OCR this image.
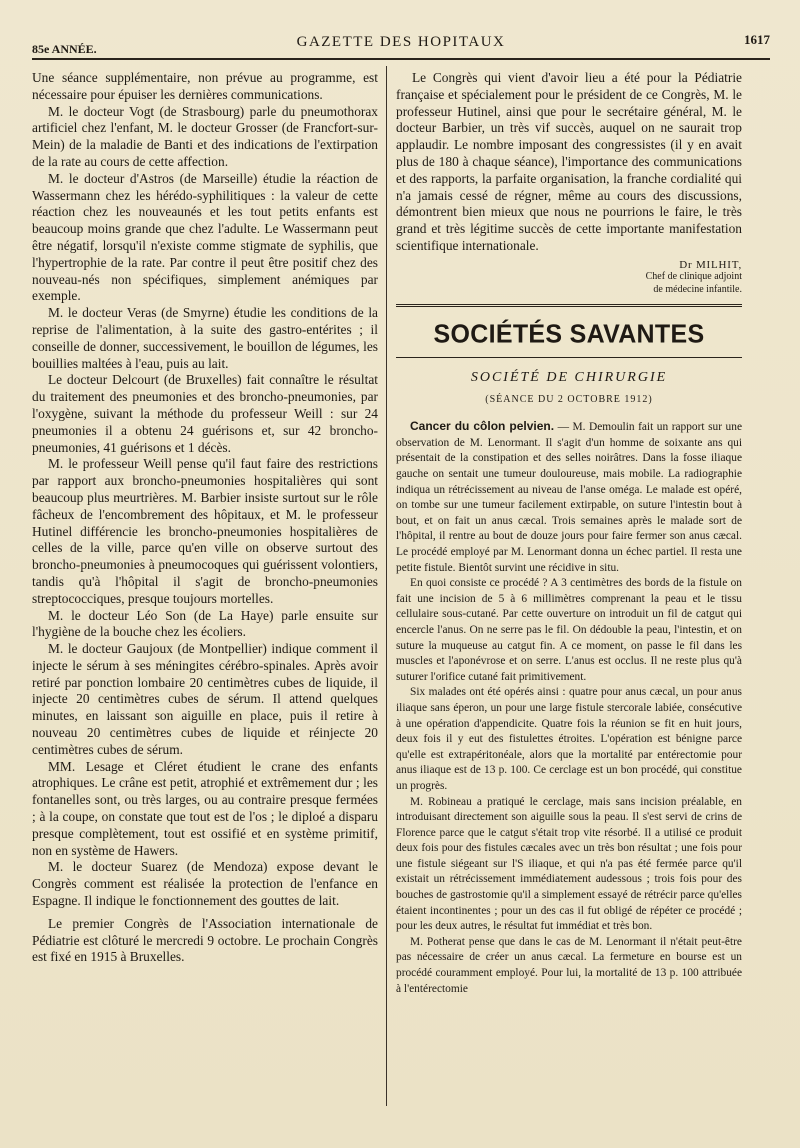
85e ANNÉE.	GAZETTE DES HOPITAUX	1617

Une séance supplémentaire, non prévue au programme, est nécessaire pour épuiser les dernières communications.

M. le docteur Vogt (de Strasbourg) parle du pneumothorax artificiel chez l'enfant, M. le docteur Grosser (de Francfort-sur-Mein) de la maladie de Banti et des indications de l'extirpation de la rate au cours de cette affection.

M. le docteur d'Astros (de Marseille) étudie la réaction de Wassermann chez les hérédo-syphilitiques : la valeur de cette réaction chez les nouveaunés et les tout petits enfants est beaucoup moins grande que chez l'adulte. Le Wassermann peut être négatif, lorsqu'il n'existe comme stigmate de syphilis, que l'hypertrophie de la rate. Par contre il peut être positif chez des nouveau-nés non spécifiques, simplement anémiques par exemple.

M. le docteur Veras (de Smyrne) étudie les conditions de la reprise de l'alimentation, à la suite des gastro-entérites ; il conseille de donner, successivement, le bouillon de légumes, les bouillies maltées à l'eau, puis au lait.

Le docteur Delcourt (de Bruxelles) fait connaître le résultat du traitement des pneumonies et des broncho-pneumonies, par l'oxygène, suivant la méthode du professeur Weill : sur 24 pneumonies il a obtenu 24 guérisons et, sur 42 broncho-pneumonies, 41 guérisons et 1 décès.

M. le professeur Weill pense qu'il faut faire des restrictions par rapport aux broncho-pneumonies hospitalières qui sont beaucoup plus meurtrières. M. Barbier insiste surtout sur le rôle fâcheux de l'encombrement des hôpitaux, et M. le professeur Hutinel différencie les broncho-pneumonies hospitalières de celles de la ville, parce qu'en ville on observe surtout des broncho-pneumonies à pneumocoques qui guérissent volontiers, tandis qu'à l'hôpital il s'agit de broncho-pneumonies streptococciques, presque toujours mortelles.

M. le docteur Léo Son (de La Haye) parle ensuite sur l'hygiène de la bouche chez les écoliers.

M. le docteur Gaujoux (de Montpellier) indique comment il injecte le sérum à ses méningites cérébro-spinales. Après avoir retiré par ponction lombaire 20 centimètres cubes de liquide, il injecte 20 centimètres cubes de sérum. Il attend quelques minutes, en laissant son aiguille en place, puis il retire à nouveau 20 centimètres cubes de liquide et réinjecte 20 centimètres cubes de sérum.

MM. Lesage et Cléret étudient le crane des enfants atrophiques. Le crâne est petit, atrophié et extrêmement dur ; les fontanelles sont, ou très larges, ou au contraire presque fermées ; à la coupe, on constate que tout est de l'os ; le diploé a disparu presque complètement, tout est ossifié et en système primitif, non en système de Hawers.

M. le docteur Suarez (de Mendoza) expose devant le Congrès comment est réalisée la protection de l'enfance en Espagne. Il indique le fonctionnement des gouttes de lait.

Le premier Congrès de l'Association internationale de Pédiatrie est clôturé le mercredi 9 octobre. Le prochain Congrès est fixé en 1915 à Bruxelles.

Le Congrès qui vient d'avoir lieu a été pour la Pédiatrie française et spécialement pour le président de ce Congrès, M. le professeur Hutinel, ainsi que pour le secrétaire général, M. le docteur Barbier, un très vif succès, auquel on ne saurait trop applaudir. Le nombre imposant des congressistes (il y en avait plus de 180 à chaque séance), l'importance des communications et des rapports, la parfaite organisation, la franche cordialité qui n'a jamais cessé de régner, même au cours des discussions, démontrent bien mieux que nous ne pourrions le faire, le très grand et très légitime succès de cette importante manifestation scientifique internationale.

Dr MILHIT,
Chef de clinique adjoint
de médecine infantile.
SOCIÉTÉS SAVANTES
SOCIÉTÉ DE CHIRURGIE
(SÉANCE DU 2 OCTOBRE 1912)

Cancer du côlon pelvien. — M. Demoulin fait un rapport sur une observation de M. Lenormant. Il s'agit d'un homme de soixante ans qui présentait de la constipation et des selles noirâtres. Dans la fosse iliaque gauche on sentait une tumeur douloureuse, mais mobile. La radiographie indiqua un rétrécissement au niveau de l'anse oméga. Le malade est opéré, on tombe sur une tumeur facilement extirpable, on suture l'intestin bout à bout, et on fait un anus cæcal. Trois semaines après le malade sort de l'hôpital, il rentre au bout de douze jours pour faire fermer son anus cæcal. Le procédé employé par M. Lenormant donna un échec partiel. Il resta une petite fistule. Bientôt survint une récidive in situ.

En quoi consiste ce procédé ? A 3 centimètres des bords de la fistule on fait une incision de 5 à 6 millimètres comprenant la peau et le tissu cellulaire sous-cutané. Par cette ouverture on introduit un fil de catgut qui encercle l'anus. On ne serre pas le fil. On dédouble la peau, l'intestin, et on suture la muqueuse au catgut fin. A ce moment, on passe le fil dans les muscles et l'aponévrose et on serre. L'anus est occlus. Il ne reste plus qu'à suturer l'orifice cutané fait primitivement.

Six malades ont été opérés ainsi : quatre pour anus cæcal, un pour anus iliaque sans éperon, un pour une large fistule stercorale labiée, consécutive à une opération d'appendicite. Quatre fois la réunion se fit en huit jours, deux fois il y eut des fistulettes étroites. L'opération est bénigne parce qu'elle est extrapéritonéale, alors que la mortalité par entérectomie pour anus iliaque est de 13 p. 100. Ce cerclage est un bon procédé, qui constitue un progrès.

M. Robineau a pratiqué le cerclage, mais sans incision préalable, en introduisant directement son aiguille sous la peau. Il s'est servi de crins de Florence parce que le catgut s'était trop vite résorbé. Il a utilisé ce produit deux fois pour des fistules cæcales avec un très bon résultat ; une fois pour une fistule siégeant sur l'S iliaque, et qui n'a pas été fermée parce qu'il existait un rétrécissement immédiatement audessous ; trois fois pour des bouches de gastrostomie qu'il a simplement essayé de rétrécir parce qu'elles étaient incontinentes ; pour un des cas il fut obligé de répéter ce procédé ; pour les deux autres, le résultat fut immédiat et très bon.

M. Potherat pense que dans le cas de M. Lenormant il n'était peut-être pas nécessaire de créer un anus cæcal. La fermeture en bourse est un procédé couramment employé. Pour lui, la mortalité de 13 p. 100 attribuée à l'entérectomie
